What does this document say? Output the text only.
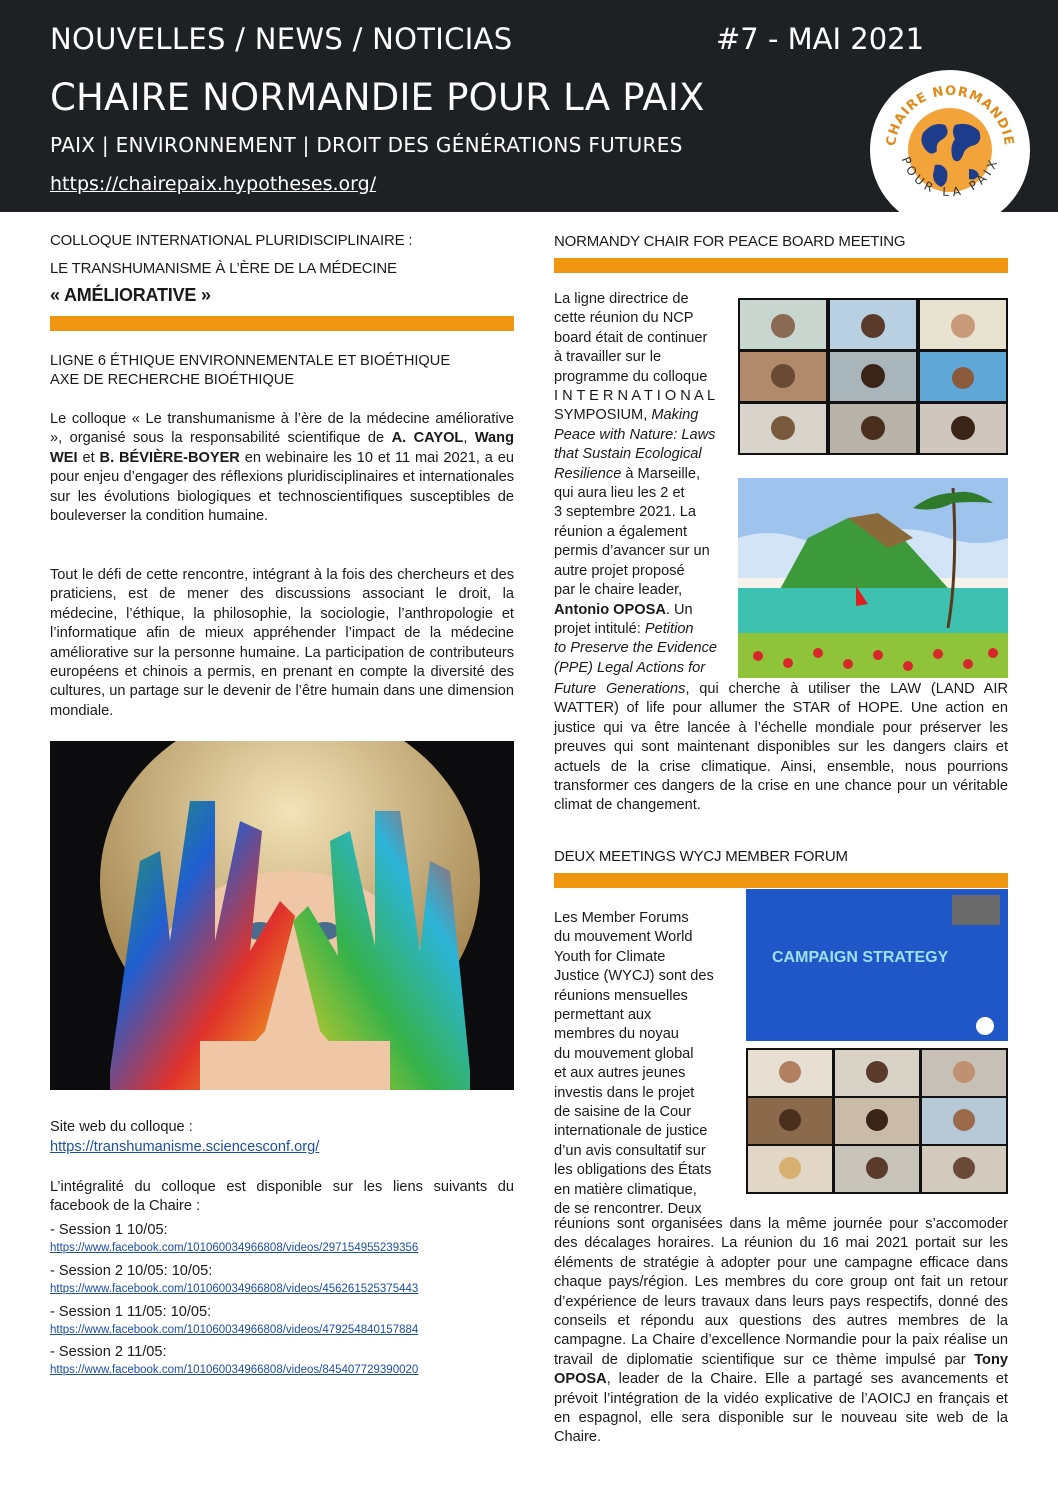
NOUVELLES / NEWS / NOTICIAS	#7 - MAI 2021
CHAIRE NORMANDIE POUR LA PAIX
PAIX | ENVIRONNEMENT | DROIT DES GÉNÉRATIONS FUTURES
https://chairepaix.hypotheses.org/
CHAIRE NORMANDIE
POUR LA PAIX
COLLOQUE INTERNATIONAL PLURIDISCIPLINAIRE :
LE TRANSHUMANISME À L’ÈRE DE LA MÉDECINE
« AMÉLIORATIVE »
LIGNE 6 ÉTHIQUE ENVIRONNEMENTALE ET BIOÉTHIQUE
AXE DE RECHERCHE BIOÉTHIQUE
Le colloque « Le transhumanisme à l’ère de la médecine améliorative », organisé sous la responsabilité scientifique de A. CAYOL, Wang WEI et B. BÉVIÈRE-BOYER en webinaire les 10 et 11 mai 2021, a eu pour enjeu d’engager des réflexions pluridisciplinaires et internationales sur les évolutions biologiques et technoscientifiques susceptibles de bouleverser la condition humaine.
Tout le défi de cette rencontre, intégrant à la fois des chercheurs et des praticiens, est de mener des discussions associant le droit, la médecine, l’éthique, la philosophie, la sociologie, l’anthropologie et l’informatique afin de mieux appréhender l’impact de la médecine améliorative sur la personne humaine. La participation de contributeurs européens et chinois a permis, en prenant en compte la diversité des cultures, un partage sur le devenir de l’être humain dans une dimension mondiale.
Site web du colloque :
https://transhumanisme.sciencesconf.org/
L’intégralité du colloque est disponible sur les liens suivants du facebook de la Chaire :
- Session 1 10/05:
https://www.facebook.com/101060034966808/videos/297154955239356
- Session 2 10/05: 10/05:
https://www.facebook.com/101060034966808/videos/456261525375443
- Session 1 11/05: 10/05:
https://www.facebook.com/101060034966808/videos/479254840157884
- Session 2 11/05:
https://www.facebook.com/101060034966808/videos/845407729390020
NORMANDY CHAIR FOR PEACE BOARD MEETING
La ligne directrice de
cette réunion du NCP
board était de continuer
à travailler sur le
programme du colloque
I N T E R N A T I O N A L
SYMPOSIUM, Making
Peace with Nature: Laws
that Sustain Ecological
Resilience à Marseille,
qui aura lieu les 2 et
3 septembre 2021. La
réunion a également
permis d’avancer sur un
autre projet proposé
par le chaire leader,
Antonio OPOSA. Un
projet intitulé: Petition
to Preserve the Evidence
(PPE) Legal Actions for
Future Generations, qui cherche à utiliser the LAW (LAND AIR WATTER) of life pour allumer the STAR of HOPE. Une action en justice qui va être lancée à l’échelle mondiale pour préserver les preuves qui sont maintenant disponibles sur les dangers clairs et actuels de la crise climatique. Ainsi, ensemble, nous pourrions transformer ces dangers de la crise en une chance pour un véritable climat de changement.
DEUX MEETINGS WYCJ MEMBER FORUM
CAMPAIGN STRATEGY
Les Member Forums
du mouvement World
Youth for Climate
Justice (WYCJ) sont des
réunions mensuelles
permettant aux
membres du noyau
du mouvement global
et aux autres jeunes
investis dans le projet
de saisine de la Cour
internationale de justice
d’un avis consultatif sur
les obligations des États
en matière climatique,
de se rencontrer. Deux
réunions sont organisées dans la même journée pour s’accomoder des décalages horaires. La réunion du 16 mai 2021 portait sur les éléments de stratégie à adopter pour une campagne efficace dans chaque pays/région. Les membres du core group ont fait un retour d’expérience de leurs travaux dans leurs pays respectifs, donné des conseils et répondu aux questions des autres membres de la campagne. La Chaire d’excellence Normandie pour la paix réalise un travail de diplomatie scientifique sur ce thème impulsé par Tony OPOSA, leader de la Chaire. Elle a partagé ses avancements et prévoit l’intégration de la vidéo explicative de l’AOICJ en français et en espagnol, elle sera disponible sur le nouveau site web de la Chaire.
